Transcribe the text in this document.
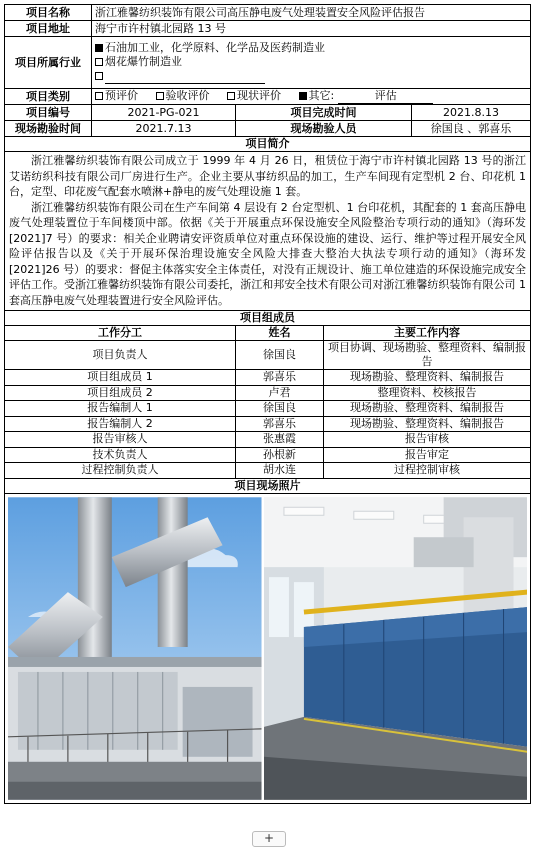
项目名称	浙江雅馨纺织装饰有限公司高压静电废气处理装置安全风险评估报告			
项目地址	海宁市许村镇北园路 13 号			
项目所属行业	石油加工业，化学原料、化学品及医药制造业
烟花爆竹制造业			

项目类别	预评价 验收评价 现状评价 其它: 评估			
项目编号	2021-PG-021	项目完成时间		2021.8.13
现场勘验时间	2021.7.13	现场勘验人员		徐国良 、郭喜乐
项目简介				

浙江雅馨纺织装饰有限公司成立于 1999 年 4 月 26 日，租赁位于海宁市许村镇北园路 13 号的浙江艾诺纺织科技有限公司厂房进行生产。企业主要从事纺织品的加工，生产车间现有定型机 2 台、印花机 1 台，定型、印花废气配套水喷淋+静电的废气处理设施 1 套。

浙江雅馨纺织装饰有限公司在生产车间第 4 层设有 2 台定型机、1 台印花机，其配套的 1 套高压静电废气处理装置位于车间楼顶中部。依据《关于开展重点环保设施安全风险整治专项行动的通知》（海环发[2021]7 号）的要求：相关企业聘请安评资质单位对重点环保设施的建设、运行、维护等过程开展安全风险评估报告以及《关于开展环保治理设施安全风险大排查大整治大执法专项行动的通知》（海环发[2021]26 号）的要求：督促主体落实安全主体责任，对没有正规设计、施工单位建造的环保设施完成安全评估工作。受浙江雅馨纺织装饰有限公司委托，浙江和邦安全技术有限公司对浙江雅馨纺织装饰有限公司 1 套高压静电废气处理装置进行安全风险评估。				

项目组成员				
工作分工		姓名	主要工作内容	
项目负责人		徐国良	项目协调、现场勘验、整理资料、编制报告	
项目组成员 1		郭喜乐	现场勘验、整理资料、编制报告	
项目组成员 2		卢君	整理资料、校核报告	
报告编制人 1		徐国良	现场勘验、整理资料、编制报告	
报告编制人 2		郭喜乐	现场勘验、整理资料、编制报告	
报告审核人		张惠霞	报告审核	
技术负责人		孙根新	报告审定	
过程控制负责人		胡水连	过程控制审核	
项目现场照片				

+
